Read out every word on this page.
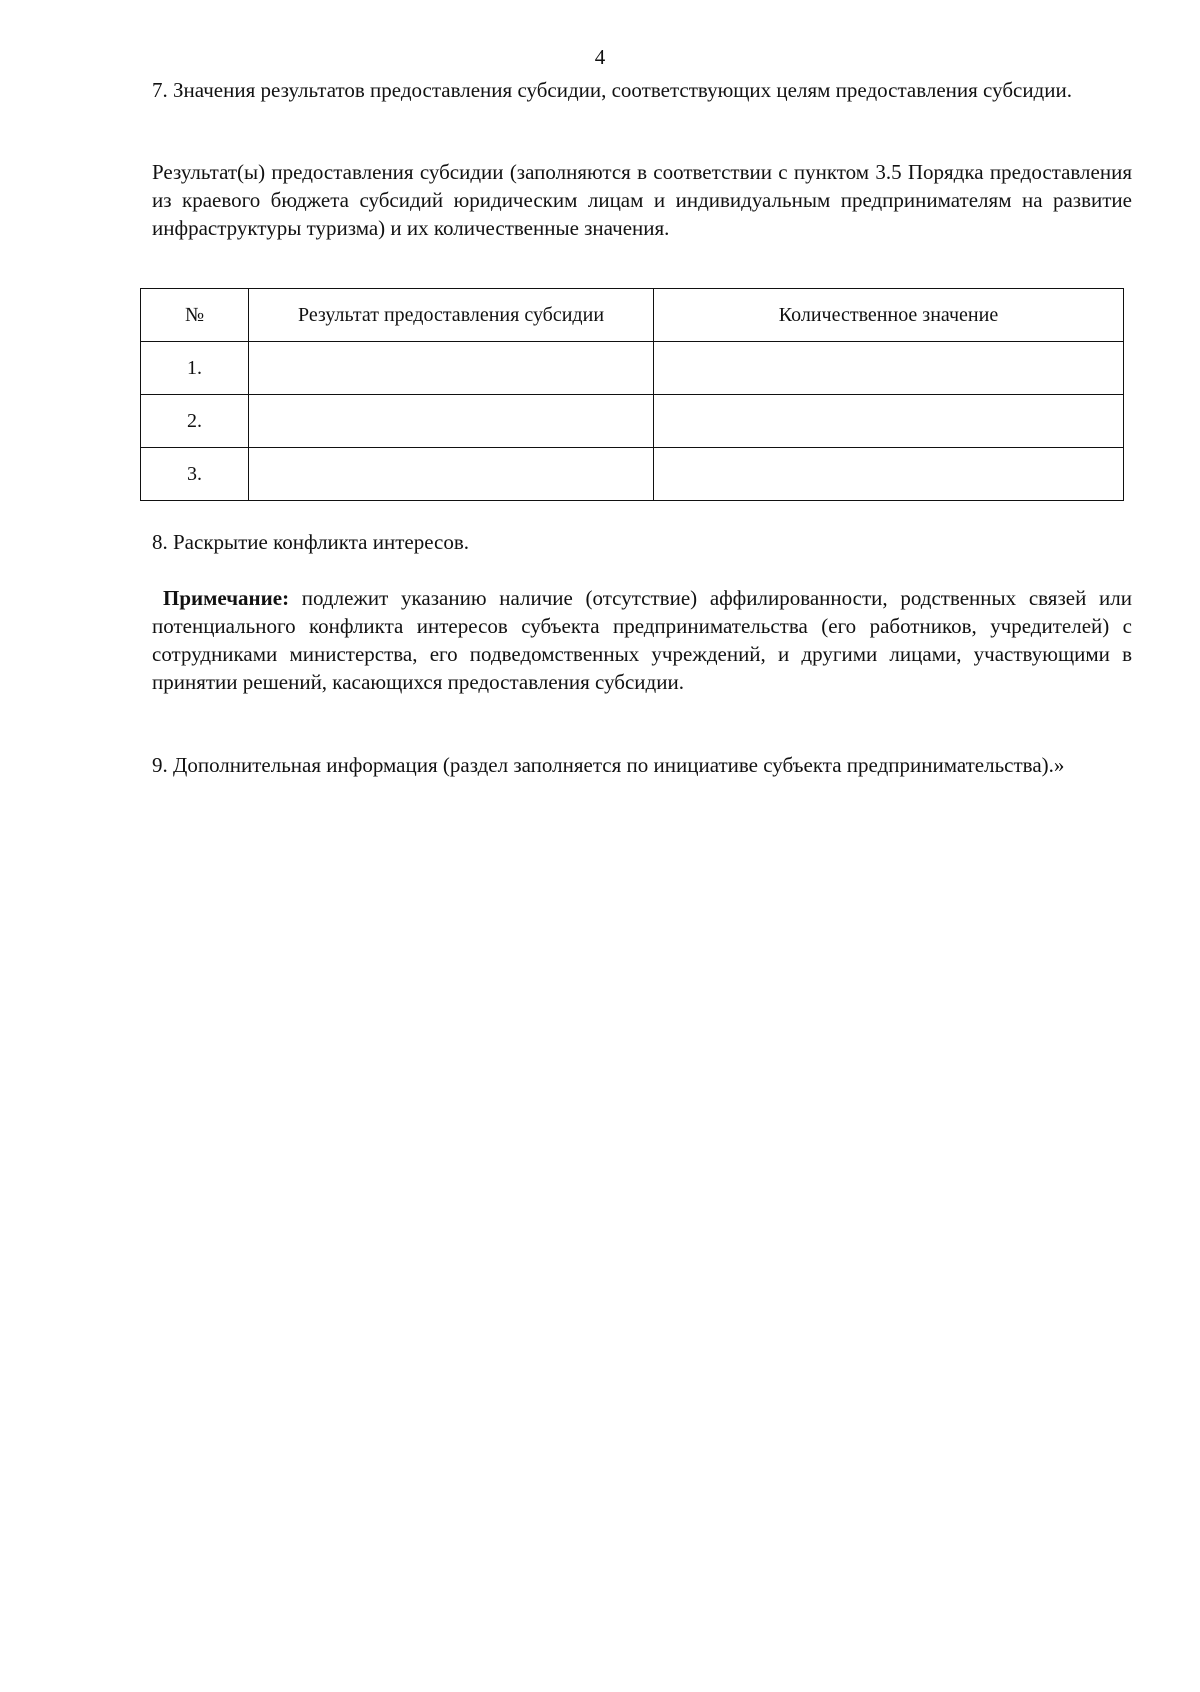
4
7. Значения результатов предоставления субсидии, соответствующих целям предоставления субсидии.
Результат(ы) предоставления субсидии (заполняются в соответствии с пунктом 3.5 Порядка предоставления из краевого бюджета субсидий юридическим лицам и индивидуальным предпринимателям на развитие инфраструктуры туризма) и их количественные значения.
№	Результат предоставления субсидии	Количественное значение
1.		
2.		
3.		
8. Раскрытие конфликта интересов.
Примечание: подлежит указанию наличие (отсутствие) аффилированности, родственных связей или потенциального конфликта интересов субъекта предпринимательства (его работников, учредителей) с сотрудниками министерства, его подведомственных учреждений, и другими лицами, участвующими в принятии решений, касающихся предоставления субсидии.
9. Дополнительная информация (раздел заполняется по инициативе субъекта предпринимательства).»
